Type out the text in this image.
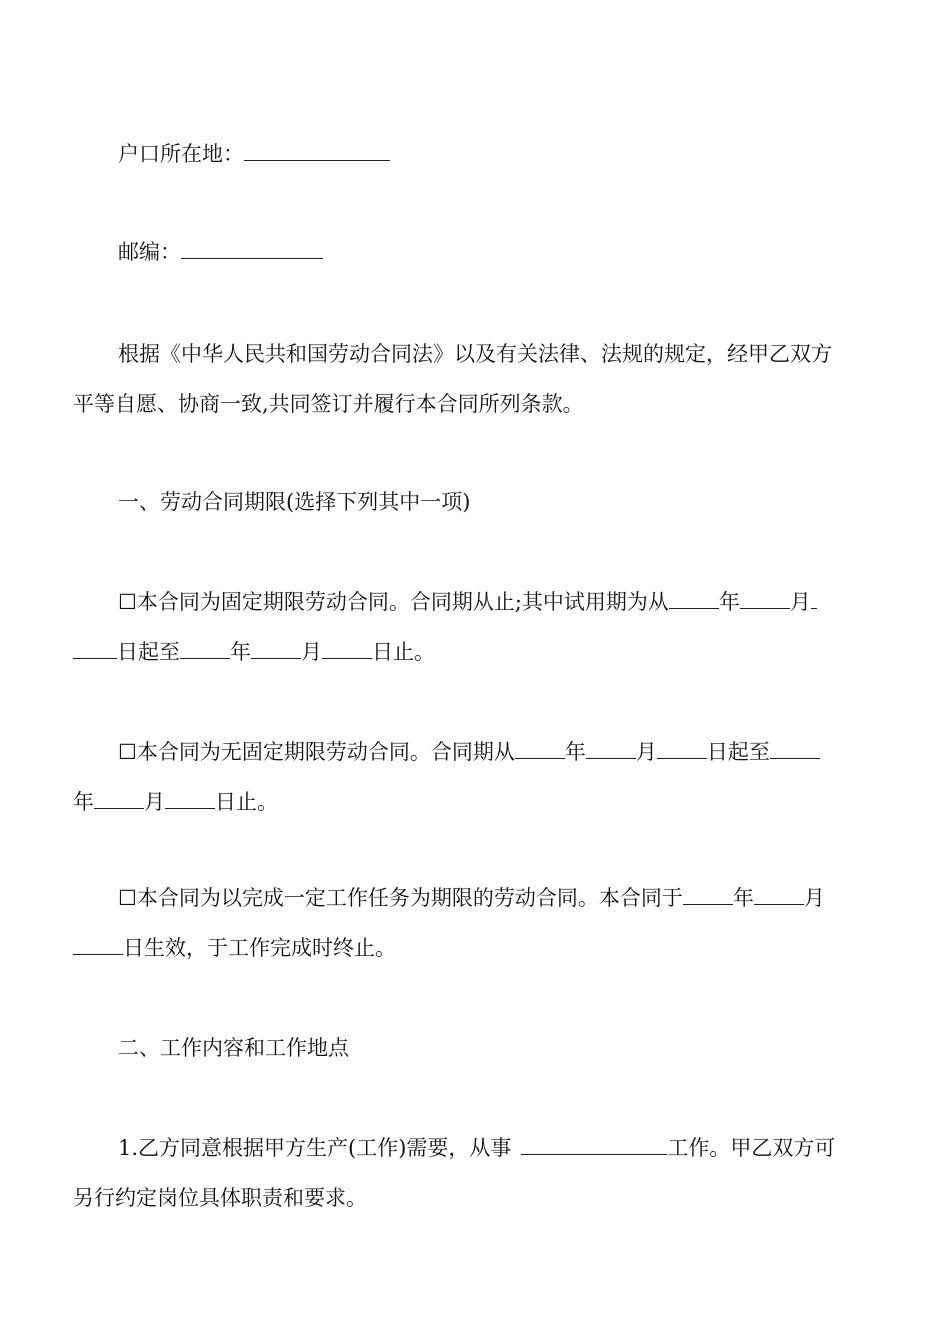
户口所在地：
邮编：
根据《中华人民共和国劳动合同法》以及有关法律、法规的规定，经甲乙双方
平等自愿、协商一致,共同签订并履行本合同所列条款。
一、劳动合同期限(选择下列其中一项)
☐本合同为固定期限劳动合同。合同期从止;其中试用期为从 年 月
日起至 年 月 日止。
☐本合同为无固定期限劳动合同。合同期从 年 月 日起至
年 月 日止。
☐本合同为以完成一定工作任务为期限的劳动合同。本合同于 年 月
日生效，于工作完成时终止。
二、工作内容和工作地点
1.乙方同意根据甲方生产(工作)需要，从事	工作。甲乙双方可
另行约定岗位具体职责和要求。
